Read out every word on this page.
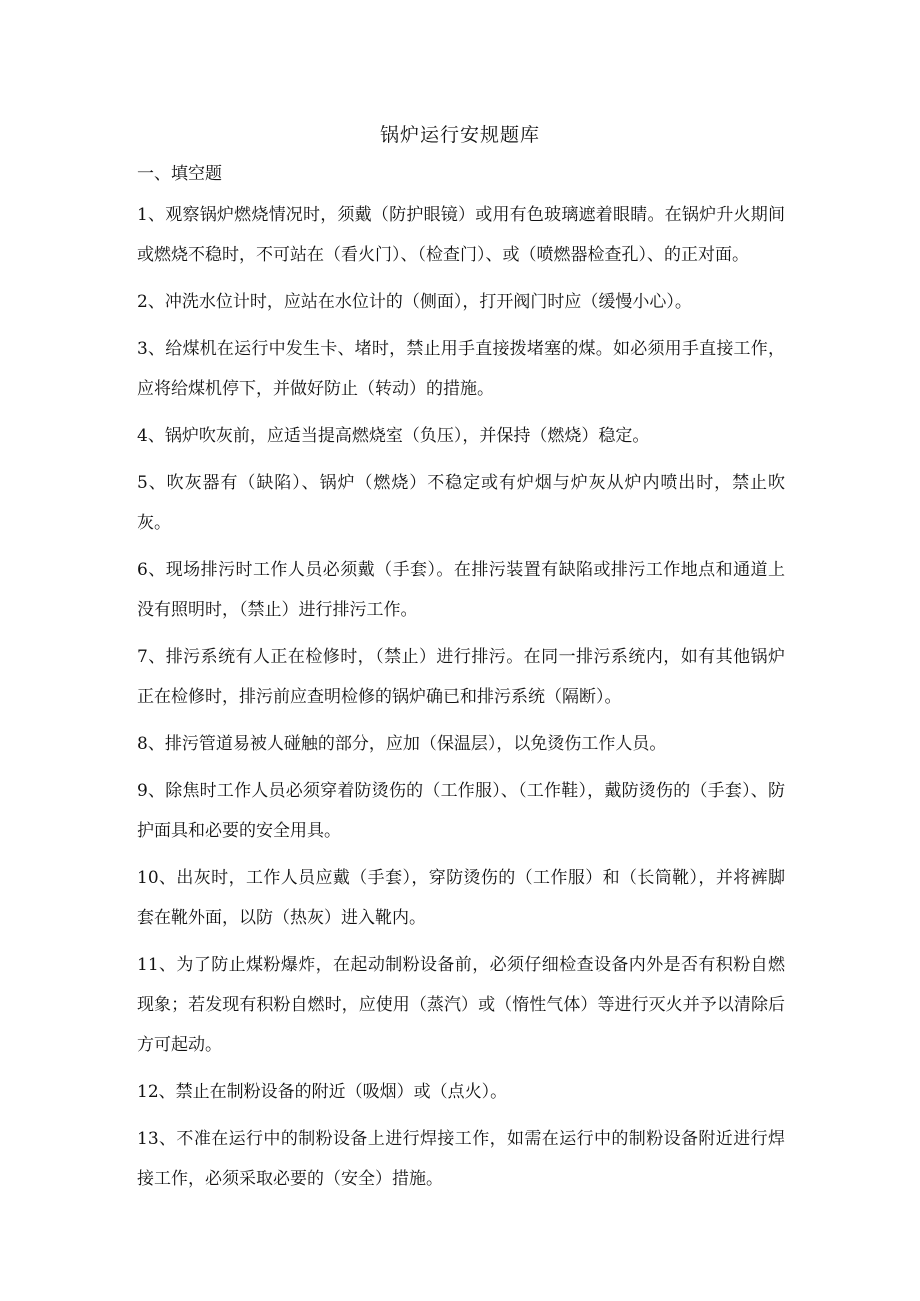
锅炉运行安规题库
一、填空题

1、观察锅炉燃烧情况时，须戴（防护眼镜）或用有色玻璃遮着眼睛。在锅炉升火期间或燃烧不稳时，不可站在（看火门）、（检查门）、或（喷燃器检查孔）、的正对面。

2、冲洗水位计时，应站在水位计的（侧面），打开阀门时应（缓慢小心）。

3、给煤机在运行中发生卡、堵时，禁止用手直接拨堵塞的煤。如必须用手直接工作，应将给煤机停下，并做好防止（转动）的措施。

4、锅炉吹灰前，应适当提高燃烧室（负压），并保持（燃烧）稳定。

5、吹灰器有（缺陷）、锅炉（燃烧）不稳定或有炉烟与炉灰从炉内喷出时，禁止吹灰。

6、现场排污时工作人员必须戴（手套）。在排污装置有缺陷或排污工作地点和通道上没有照明时，（禁止）进行排污工作。

7、排污系统有人正在检修时，（禁止）进行排污。在同一排污系统内，如有其他锅炉正在检修时，排污前应查明检修的锅炉确已和排污系统（隔断）。

8、排污管道易被人碰触的部分，应加（保温层），以免烫伤工作人员。

9、除焦时工作人员必须穿着防烫伤的（工作服）、（工作鞋），戴防烫伤的（手套）、防护面具和必要的安全用具。

10、出灰时，工作人员应戴（手套），穿防烫伤的（工作服）和（长筒靴），并将裤脚套在靴外面，以防（热灰）进入靴内。

11、为了防止煤粉爆炸，在起动制粉设备前，必须仔细检查设备内外是否有积粉自燃现象；若发现有积粉自燃时，应使用（蒸汽）或（惰性气体）等进行灭火并予以清除后方可起动。

12、禁止在制粉设备的附近（吸烟）或（点火）。

13、不准在运行中的制粉设备上进行焊接工作，如需在运行中的制粉设备附近进行焊接工作，必须采取必要的（安全）措施。
